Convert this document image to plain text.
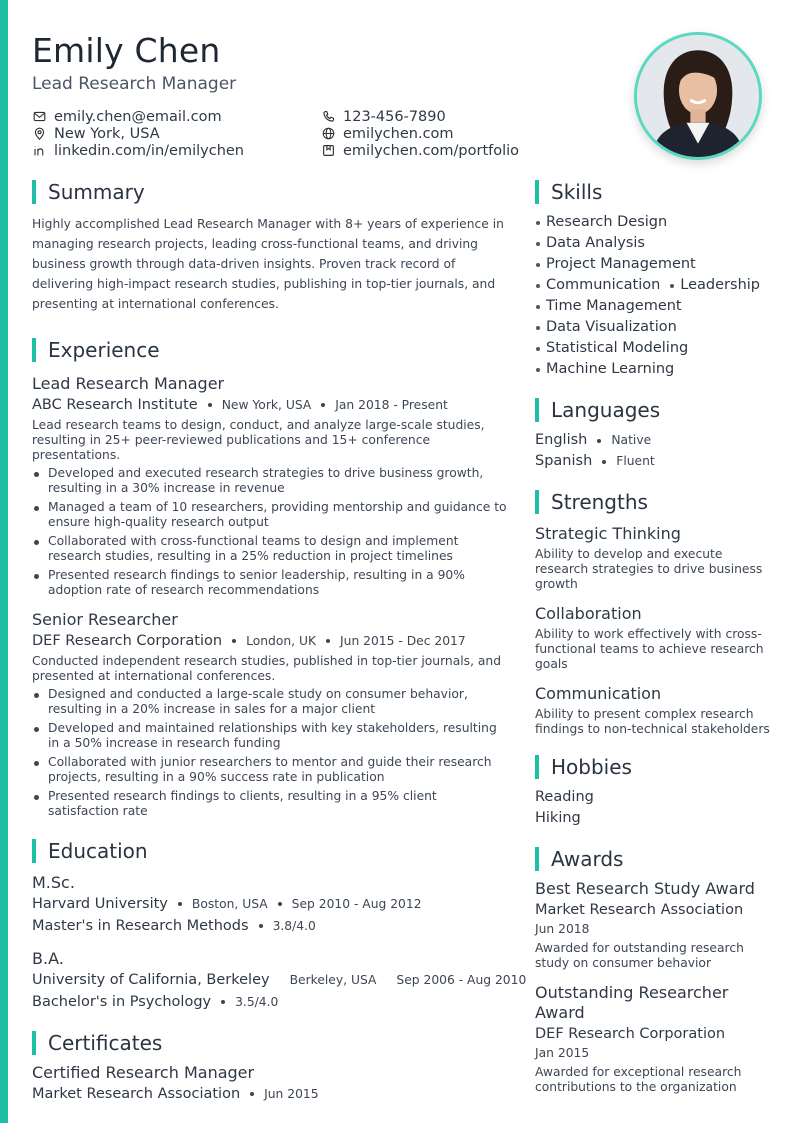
Emily Chen
Lead Research Manager
emily.chen@email.com	123-456-7890
New York, USA	emilychen.com
linkedin.com/in/emilychen	emilychen.com/portfolio
Summary
Highly accomplished Lead Research Manager with 8+ years of experience in managing research projects, leading cross-functional teams, and driving business growth through data-driven insights. Proven track record of delivering high-impact research studies, publishing in top-tier journals, and presenting at international conferences.
Experience
Lead Research Manager
ABC Research Institute New York, USA Jan 2018 - Present
Lead research teams to design, conduct, and analyze large-scale studies, resulting in 25+ peer-reviewed publications and 15+ conference presentations.
Developed and executed research strategies to drive business growth, resulting in a 30% increase in revenue
Managed a team of 10 researchers, providing mentorship and guidance to ensure high-quality research output
Collaborated with cross-functional teams to design and implement research studies, resulting in a 25% reduction in project timelines
Presented research findings to senior leadership, resulting in a 90% adoption rate of research recommendations
Senior Researcher
DEF Research Corporation London, UK Jun 2015 - Dec 2017
Conducted independent research studies, published in top-tier journals, and presented at international conferences.
Designed and conducted a large-scale study on consumer behavior, resulting in a 20% increase in sales for a major client
Developed and maintained relationships with key stakeholders, resulting in a 50% increase in research funding
Collaborated with junior researchers to mentor and guide their research projects, resulting in a 90% success rate in publication
Presented research findings to clients, resulting in a 95% client satisfaction rate
Education
M.Sc.
Harvard University Boston, USA Sep 2010 - Aug 2012
Master's in Research Methods 3.8/4.0
B.A.
University of California, Berkeley Berkeley, USA Sep 2006 - Aug 2010
Bachelor's in Psychology 3.5/4.0
Certificates
Certified Research Manager
Market Research Association Jun 2015
Skills
Research Design
Data Analysis
Project Management
Communication Leadership
Time Management
Data Visualization
Statistical Modeling
Machine Learning
Languages
English Native
Spanish Fluent
Strengths
Strategic Thinking
Ability to develop and execute research strategies to drive business growth
Collaboration
Ability to work effectively with cross-functional teams to achieve research goals
Communication
Ability to present complex research findings to non-technical stakeholders
Hobbies
Reading
Hiking
Awards
Best Research Study Award
Market Research Association
Jun 2018
Awarded for outstanding research study on consumer behavior
Outstanding Researcher Award
DEF Research Corporation
Jan 2015
Awarded for exceptional research contributions to the organization
